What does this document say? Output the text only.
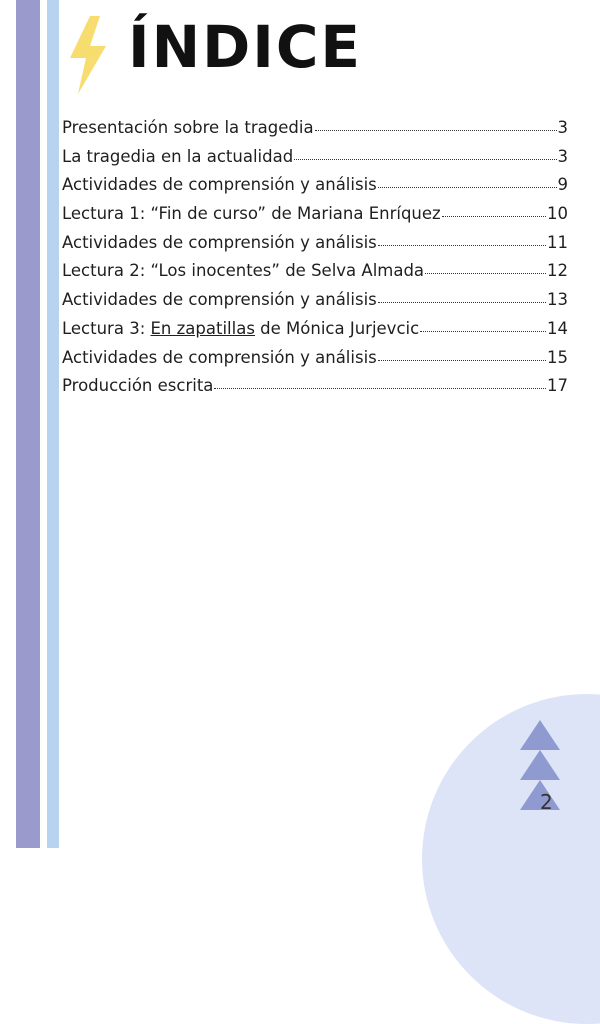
ÍNDICE
Presentación sobre la tragedia	3
La tragedia en la actualidad	3
Actividades de comprensión y análisis	9
Lectura 1: “Fin de curso” de Mariana Enríquez	10
Actividades de comprensión y análisis	11
Lectura 2: “Los inocentes” de Selva Almada	12
Actividades de comprensión y análisis	13
Lectura 3: En zapatillas de Mónica Jurjevcic	14
Actividades de comprensión y análisis	15
Producción escrita	17
2
